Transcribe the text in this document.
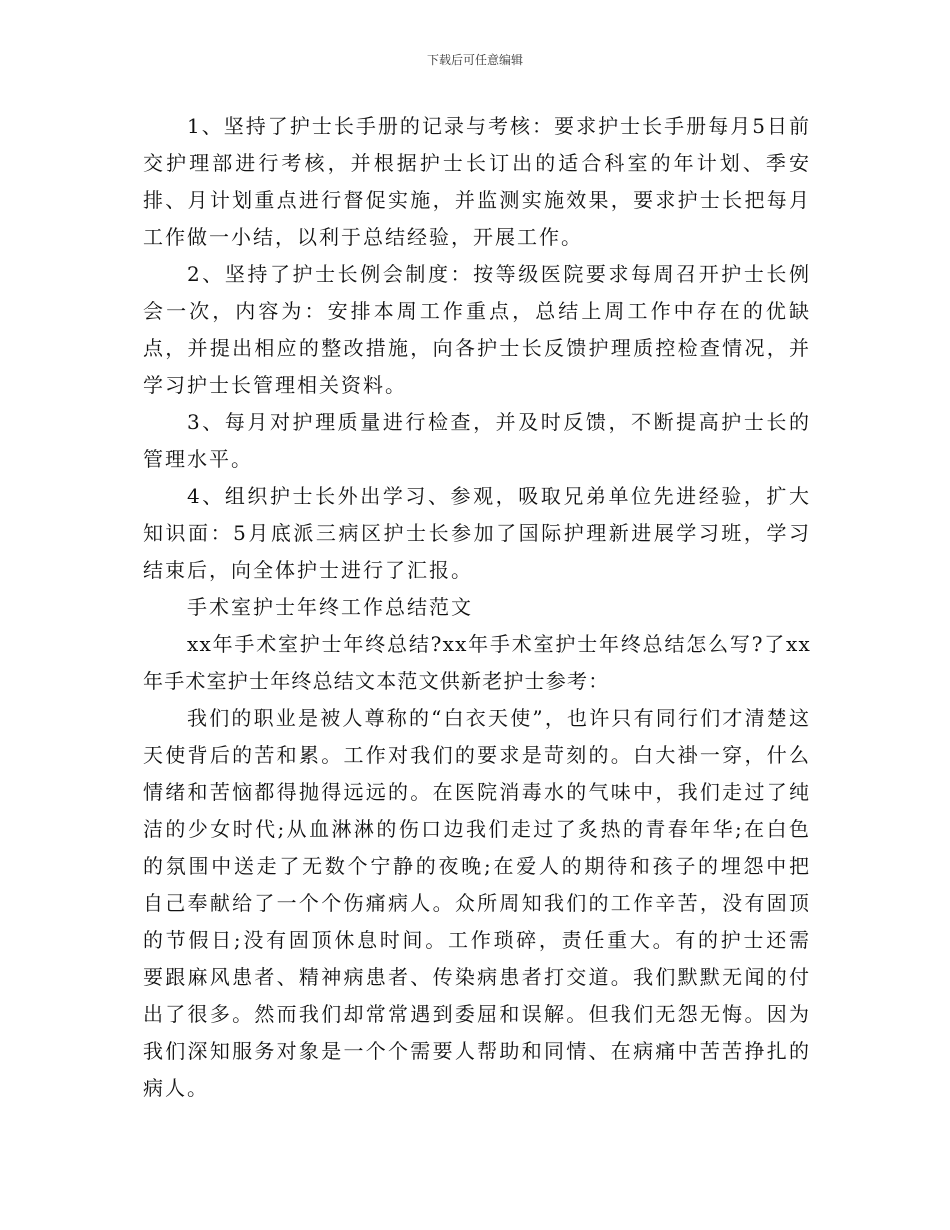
下载后可任意编辑

1、坚持了护士长手册的记录与考核：要求护士长手册每月5日前交护理部进行考核，并根据护士长订出的适合科室的年计划、季安排、月计划重点进行督促实施，并监测实施效果，要求护士长把每月工作做一小结，以利于总结经验，开展工作。

2、坚持了护士长例会制度：按等级医院要求每周召开护士长例会一次，内容为：安排本周工作重点，总结上周工作中存在的优缺点，并提出相应的整改措施，向各护士长反馈护理质控检查情况，并学习护士长管理相关资料。

3、每月对护理质量进行检查，并及时反馈，不断提高护士长的管理水平。

4、组织护士长外出学习、参观，吸取兄弟单位先进经验，扩大知识面：5月底派三病区护士长参加了国际护理新进展学习班，学习结束后，向全体护士进行了汇报。

手术室护士年终工作总结范文

xx年手术室护士年终总结?xx年手术室护士年终总结怎么写?了xx年手术室护士年终总结文本范文供新老护士参考：

我们的职业是被人尊称的“白衣天使”，也许只有同行们才清楚这天使背后的苦和累。工作对我们的要求是苛刻的。白大褂一穿，什么情绪和苦恼都得抛得远远的。在医院消毒水的气味中，我们走过了纯洁的少女时代;从血淋淋的伤口边我们走过了炙热的青春年华;在白色的氛围中送走了无数个宁静的夜晚;在爱人的期待和孩子的埋怨中把自己奉献给了一个个伤痛病人。众所周知我们的工作辛苦，没有固顶的节假日;没有固顶休息时间。工作琐碎，责任重大。有的护士还需要跟麻风患者、精神病患者、传染病患者打交道。我们默默无闻的付出了很多。然而我们却常常遇到委屈和误解。但我们无怨无悔。因为我们深知服务对象是一个个需要人帮助和同情、在病痛中苦苦挣扎的病人。
